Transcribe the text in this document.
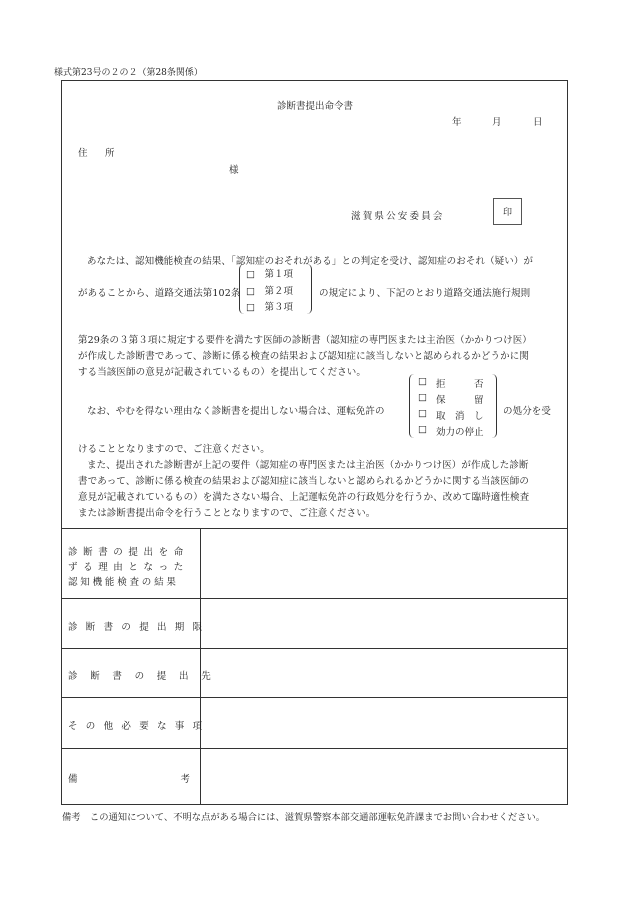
様式第23号の２の２（第28条関係）
診断書提出命令書
年	月	日
住　所
様
滋賀県公安委員会	印
あなたは、認知機能検査の結果、「認知症のおそれがある」との判定を受け、認知症のおそれ（疑い）が
があることから、道路交通法第102条
□　第１項
□　第２項
□　第３項
の規定により、下記のとおり道路交通法施行規則
第29条の３第３項に規定する要件を満たす医師の診断書（認知症の専門医または主治医（かかりつけ医）
が作成した診断書であって、診断に係る検査の結果および認知症に該当しないと認められるかどうかに関
する当該医師の意見が記載されているもの）を提出してください。
なお、やむを得ない理由なく診断書を提出しない場合は、運転免許の
□ 拒　　　否
□ 保　　　留
□ 取　消　し
□ 効力の停止
の処分を受
けることとなりますので、ご注意ください。
また、提出された診断書が上記の要件（認知症の専門医または主治医（かかりつけ医）が作成した診断
書であって、診断に係る検査の結果および認知症に該当しないと認められるかどうかに関する当該医師の
意見が記載されているもの）を満たさない場合、上記運転免許の行政処分を行うか、改めて臨時適性検査
または診断書提出命令を行うこととなりますので、ご注意ください。
診断書の提出を命
ずる理由となった
認知機能検査の結果
診断書の提出期限
診断書の提出先
その他必要な事項
備考
備考　この通知について、不明な点がある場合には、滋賀県警察本部交通部運転免許課までお問い合わせください。
